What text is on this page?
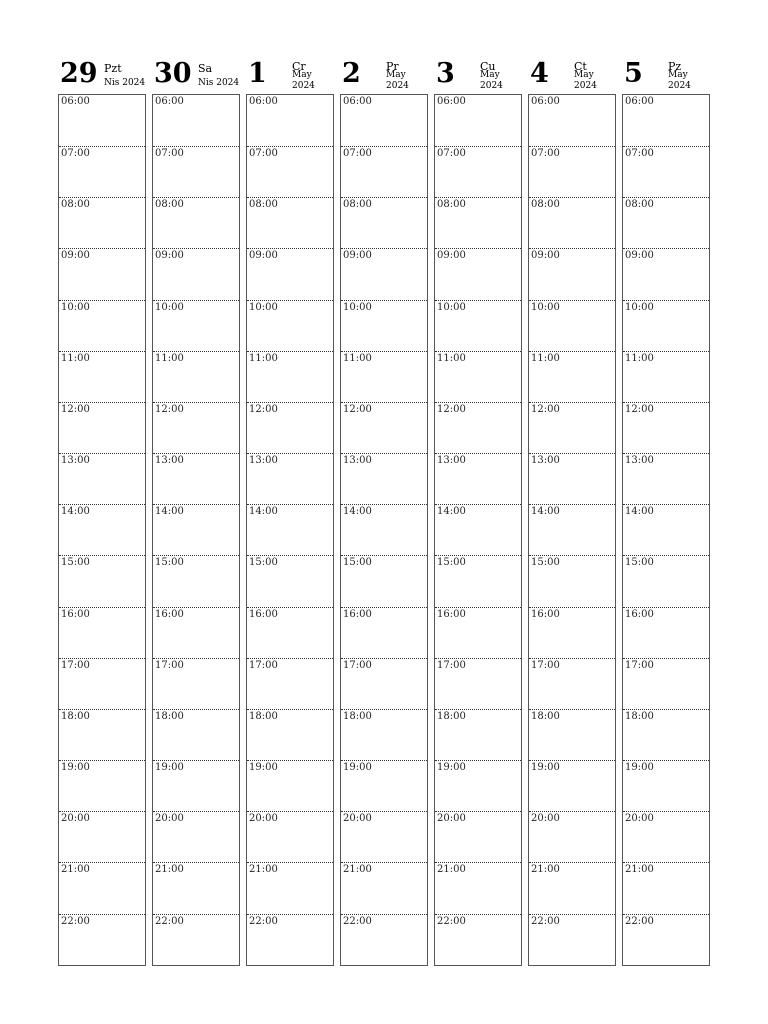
29 Pzt
Nis 2024
06:00
07:00
08:00
09:00
10:00
11:00
12:00
13:00
14:00
15:00
16:00
17:00
18:00
19:00
20:00
21:00
22:00
30 Sa
Nis 2024
06:00
07:00
08:00
09:00
10:00
11:00
12:00
13:00
14:00
15:00
16:00
17:00
18:00
19:00
20:00
21:00
22:00
1 Cr
May 2024
06:00
07:00
08:00
09:00
10:00
11:00
12:00
13:00
14:00
15:00
16:00
17:00
18:00
19:00
20:00
21:00
22:00
2 Pr
May 2024
06:00
07:00
08:00
09:00
10:00
11:00
12:00
13:00
14:00
15:00
16:00
17:00
18:00
19:00
20:00
21:00
22:00
3 Cu
May 2024
06:00
07:00
08:00
09:00
10:00
11:00
12:00
13:00
14:00
15:00
16:00
17:00
18:00
19:00
20:00
21:00
22:00
4 Ct
May 2024
06:00
07:00
08:00
09:00
10:00
11:00
12:00
13:00
14:00
15:00
16:00
17:00
18:00
19:00
20:00
21:00
22:00
5 Pz
May 2024
06:00
07:00
08:00
09:00
10:00
11:00
12:00
13:00
14:00
15:00
16:00
17:00
18:00
19:00
20:00
21:00
22:00
